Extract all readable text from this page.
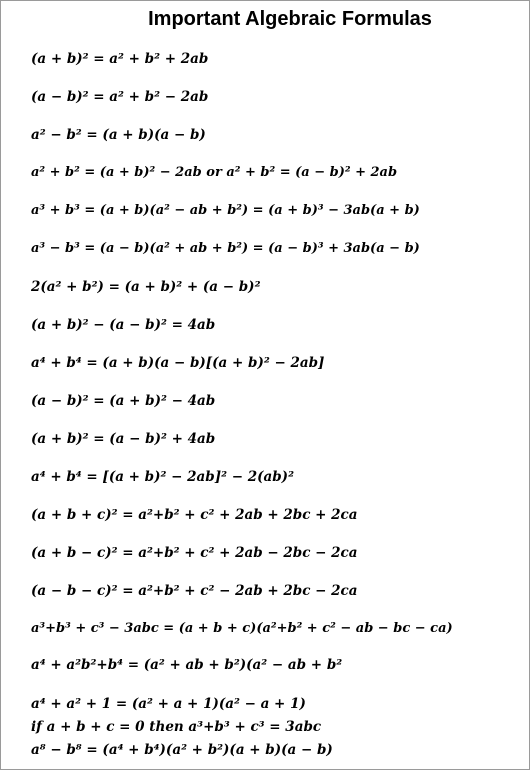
Important Algebraic Formulas
(a + b)² = a² + b² + 2ab
(a − b)² = a² + b² − 2ab
a² − b² = (a + b)(a − b)
a² + b² = (a + b)² − 2ab or a² + b² = (a − b)² + 2ab
a³ + b³ = (a + b)(a² − ab + b²) = (a + b)³ − 3ab(a + b)
a³ − b³ = (a − b)(a² + ab + b²) = (a − b)³ + 3ab(a − b)
2(a² + b²) = (a + b)² + (a − b)²
(a + b)² − (a − b)² = 4ab
a⁴ + b⁴ = (a + b)(a − b)[(a + b)² − 2ab]
(a − b)² = (a + b)² − 4ab
(a + b)² = (a − b)² + 4ab
a⁴ + b⁴ = [(a + b)² − 2ab]² − 2(ab)²
(a + b + c)² = a²+b² + c² + 2ab + 2bc + 2ca
(a + b − c)² = a²+b² + c² + 2ab − 2bc − 2ca
(a − b − c)² = a²+b² + c² − 2ab + 2bc − 2ca
a³+b³ + c³ − 3abc = (a + b + c)(a²+b² + c² − ab − bc − ca)
a⁴ + a²b²+b⁴ = (a² + ab + b²)(a² − ab + b²
a⁴ + a² + 1 = (a² + a + 1)(a² − a + 1)
if a + b + c = 0 then a³+b³ + c³ = 3abc
a⁸ − b⁸ = (a⁴ + b⁴)(a² + b²)(a + b)(a − b)
